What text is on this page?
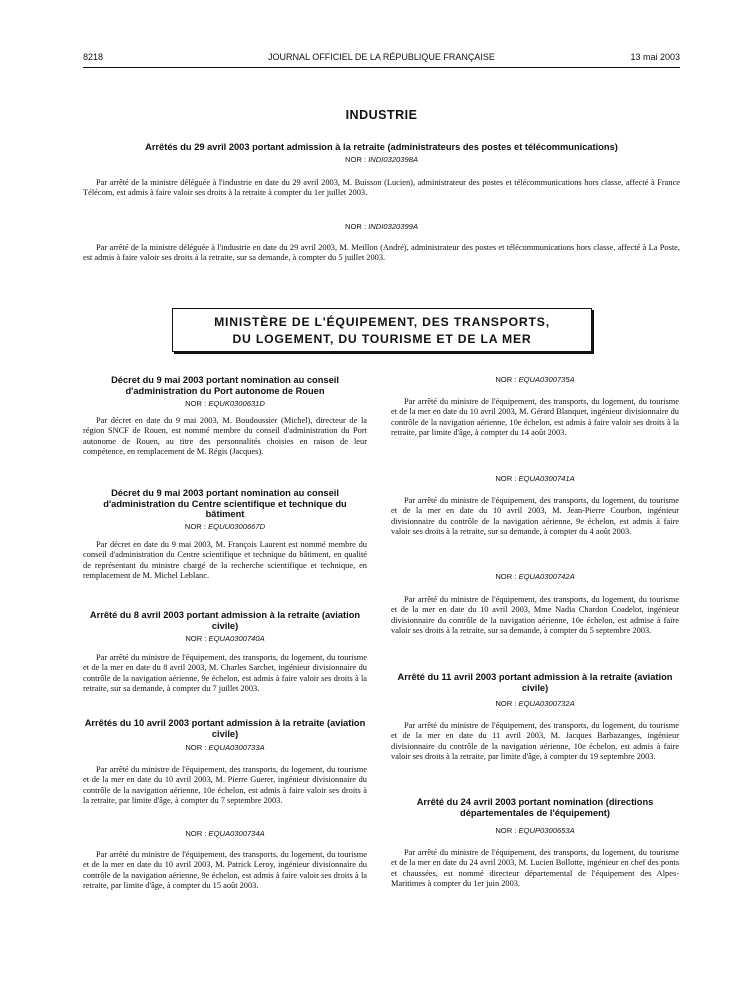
8218	JOURNAL OFFICIEL DE LA RÉPUBLIQUE FRANÇAISE	13 mai 2003
INDUSTRIE
Arrêtés du 29 avril 2003 portant admission à la retraite (administrateurs des postes et télécommunications)
NOR : INDI0320398A

Par arrêté de la ministre déléguée à l'industrie en date du 29 avril 2003, M. Buisson (Lucien), administrateur des postes et télécommunications hors classe, affecté à France Télécom, est admis à faire valoir ses droits à la retraite à compter du 1er juillet 2003.

NOR : INDI0320399A

Par arrêté de la ministre déléguée à l'industrie en date du 29 avril 2003, M. Meillon (André), administrateur des postes et télécommunications hors classe, affecté à La Poste, est admis à faire valoir ses droits à la retraite, sur sa demande, à compter du 5 juillet 2003.

MINISTÈRE DE L'ÉQUIPEMENT, DES TRANSPORTS,
DU LOGEMENT, DU TOURISME ET DE LA MER
Décret du 9 mai 2003 portant nomination au conseil d'administration du Port autonome de Rouen
NOR : EQUK0300631D

Par décret en date du 9 mai 2003, M. Boudoussier (Michel), directeur de la région SNCF de Rouen, est nommé membre du conseil d'administration du Port autonome de Rouen, au titre des personnalités choisies en raison de leur compétence, en remplacement de M. Régis (Jacques).

Décret du 9 mai 2003 portant nomination au conseil d'administration du Centre scientifique et technique du bâtiment
NOR : EQUU0300667D

Par décret en date du 9 mai 2003, M. François Laurent est nommé membre du conseil d'administration du Centre scientifique et technique du bâtiment, en qualité de représentant du ministre chargé de la recherche scientifique et technique, en remplacement de M. Michel Leblanc.

Arrêté du 8 avril 2003 portant admission à la retraite (aviation civile)
NOR : EQUA0300740A

Par arrêté du ministre de l'équipement, des transports, du logement, du tourisme et de la mer en date du 8 avril 2003, M. Charles Sarchet, ingénieur divisionnaire du contrôle de la navigation aérienne, 9e échelon, est admis à faire valoir ses droits à la retraite, sur sa demande, à compter du 7 juillet 2003.

Arrêtés du 10 avril 2003 portant admission à la retraite (aviation civile)
NOR : EQUA0300733A

Par arrêté du ministre de l'équipement, des transports, du logement, du tourisme et de la mer en date du 10 avril 2003, M. Pierre Guerer, ingénieur divisionnaire du contrôle de la navigation aérienne, 10e échelon, est admis à faire valoir ses droits à la retraite, par limite d'âge, à compter du 7 septembre 2003.

NOR : EQUA0300734A

Par arrêté du ministre de l'équipement, des transports, du logement, du tourisme et de la mer en date du 10 avril 2003, M. Patrick Leroy, ingénieur divisionnaire du contrôle de la navigation aérienne, 9e échelon, est admis à faire valoir ses droits à la retraite, par limite d'âge, à compter du 15 août 2003.

NOR : EQUA0300735A

Par arrêté du ministre de l'équipement, des transports, du logement, du tourisme et de la mer en date du 10 avril 2003, M. Gérard Blanquet, ingénieur divisionnaire du contrôle de la navigation aérienne, 10e échelon, est admis à faire valoir ses droits à la retraite, par limite d'âge, à compter du 14 août 2003.

NOR : EQUA0300741A

Par arrêté du ministre de l'équipement, des transports, du logement, du tourisme et de la mer en date du 10 avril 2003, M. Jean-Pierre Courbon, ingénieur divisionnaire du contrôle de la navigation aérienne, 9e échelon, est admis à faire valoir ses droits à la retraite, sur sa demande, à compter du 4 août 2003.

NOR : EQUA0300742A

Par arrêté du ministre de l'équipement, des transports, du logement, du tourisme et de la mer en date du 10 avril 2003, Mme Nadia Chardon Coadelot, ingénieur divisionnaire du contrôle de la navigation aérienne, 10e échelon, est admise à faire valoir ses droits à la retraite, sur sa demande, à compter du 5 septembre 2003.

Arrêté du 11 avril 2003 portant admission à la retraite (aviation civile)
NOR : EQUA0300732A

Par arrêté du ministre de l'équipement, des transports, du logement, du tourisme et de la mer en date du 11 avril 2003, M. Jacques Barbazanges, ingénieur divisionnaire du contrôle de la navigation aérienne, 10e échelon, est admis à faire valoir ses droits à la retraite, par limite d'âge, à compter du 19 septembre 2003.

Arrêté du 24 avril 2003 portant nomination (directions départementales de l'équipement)
NOR : EQUP0300653A

Par arrêté du ministre de l'équipement, des transports, du logement, du tourisme et de la mer en date du 24 avril 2003, M. Lucien Bollotte, ingénieur en chef des ponts et chaussées, est nommé directeur départemental de l'équipement des Alpes-Maritimes à compter du 1er juin 2003.
